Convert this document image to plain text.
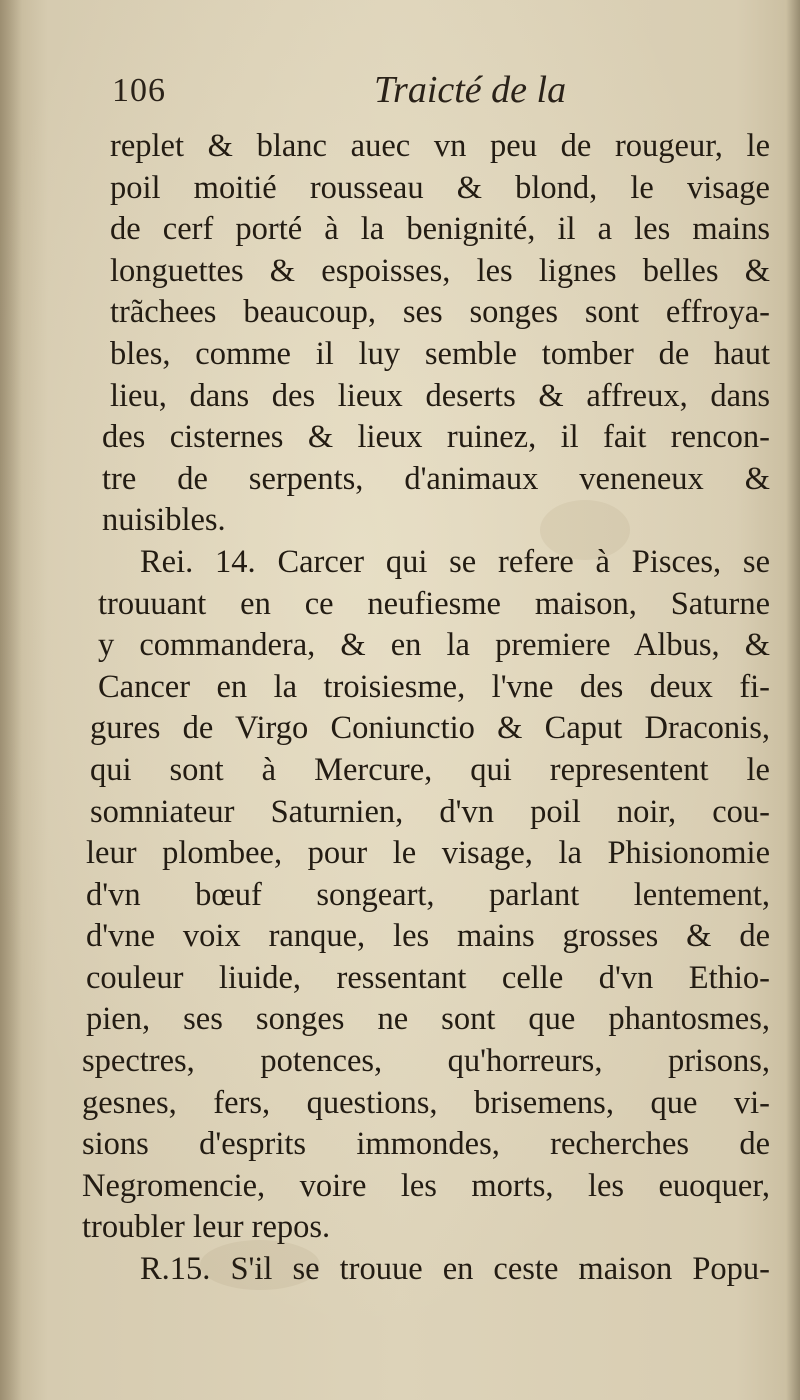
106	Traicté de la
replet & blanc auec vn peu de rougeur, le
poil moitié rousseau & blond, le visage
de cerf porté à la benignité, il a les mains
longuettes & espoisses, les lignes belles &
trãchees beaucoup, ses songes sont effroya-
bles, comme il luy semble tomber de haut
lieu, dans des lieux deserts & affreux, dans
des cisternes & lieux ruinez, il fait rencon-
tre de serpents, d'animaux veneneux &
nuisibles.
Rei. 14. Carcer qui se refere à Pisces, se
trouuant en ce neufiesme maison, Saturne
y commandera, & en la premiere Albus, &
Cancer en la troisiesme, l'vne des deux fi-
gures de Virgo Coniunctio & Caput Draconis,
qui sont à Mercure, qui representent le
somniateur Saturnien, d'vn poil noir, cou-
leur plombee, pour le visage, la Phisionomie
d'vn bœuf songeart, parlant lentement,
d'vne voix ranque, les mains grosses & de
couleur liuide, ressentant celle d'vn Ethio-
pien, ses songes ne sont que phantosmes,
spectres, potences, qu'horreurs, prisons,
gesnes, fers, questions, brisemens, que vi-
sions d'esprits immondes, recherches de
Negromencie, voire les morts, les euoquer,
troubler leur repos.
R.15. S'il se trouue en ceste maison Popu-
